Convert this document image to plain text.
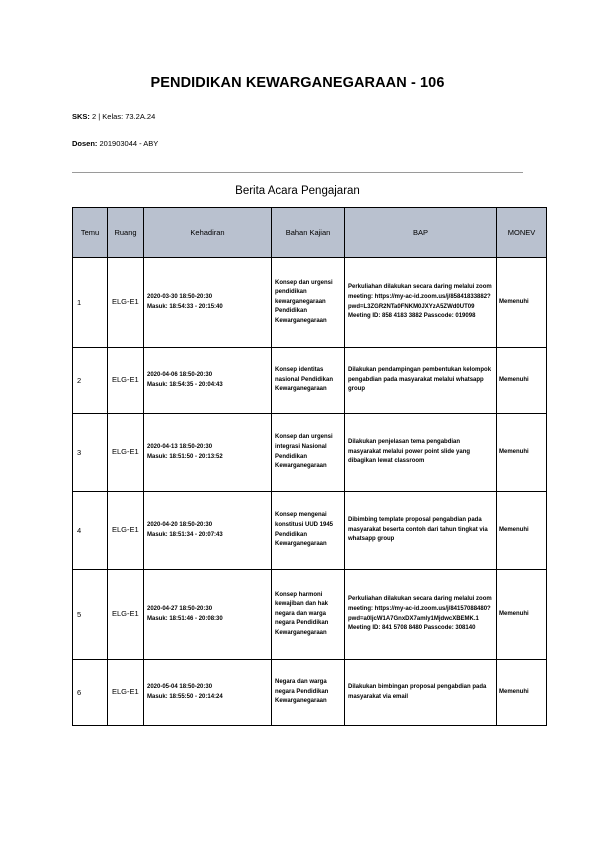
PENDIDIKAN KEWARGANEGARAAN - 106
SKS: 2 | Kelas: 73.2A.24
Dosen: 201903044 - ABY
Berita Acara Pengajaran
Temu	Ruang	Kehadiran	Bahan Kajian	BAP	MONEV
1	ELG-E1	2020-03-30 18:50-20:30
Masuk: 18:54:33 - 20:15:40	Konsep dan urgensi pendidikan kewarganegaraan Pendidikan Kewarganegaraan	Perkuliahan dilakukan secara daring melalui zoom meeting: https://my-ac-id.zoom.us/j/85841833882?pwd=L3ZGR2NTa0FNKM0JXYzA5ZWd0UT09 Meeting ID: 858 4183 3882 Passcode: 019098	Memenuhi
2	ELG-E1	2020-04-06 18:50-20:30
Masuk: 18:54:35 - 20:04:43	Konsep identitas nasional Pendidikan Kewarganegaraan	Dilakukan pendampingan pembentukan kelompok pengabdian pada masyarakat melalui whatsapp group	Memenuhi
3	ELG-E1	2020-04-13 18:50-20:30
Masuk: 18:51:50 - 20:13:52	Konsep dan urgensi integrasi Nasional Pendidikan Kewarganegaraan	Dilakukan penjelasan tema pengabdian masyarakat melalui power point slide yang dibagikan lewat classroom	Memenuhi
4	ELG-E1	2020-04-20 18:50-20:30
Masuk: 18:51:34 - 20:07:43	Konsep mengenai konstitusi UUD 1945 Pendidikan Kewarganegaraan	Dibimbing template proposal pengabdian pada masyarakat beserta contoh dari tahun tingkat via whatsapp group	Memenuhi
5	ELG-E1	2020-04-27 18:50-20:30
Masuk: 18:51:46 - 20:08:30	Konsep harmoni kewajiban dan hak negara dan warga negara Pendidikan Kewarganegaraan	Perkuliahan dilakukan secara daring melalui zoom meeting: https://my-ac-id.zoom.us/j/84157088480?pwd=a0ljcW1A7GnxDX7amly1MjdwcXBEMK.1 Meeting ID: 841 5708 8480 Passcode: 308140	Memenuhi
6	ELG-E1	2020-05-04 18:50-20:30
Masuk: 18:55:50 - 20:14:24	Negara dan warga negara Pendidikan Kewarganegaraan	Dilakukan bimbingan proposal pengabdian pada masyarakat via email	Memenuhi
